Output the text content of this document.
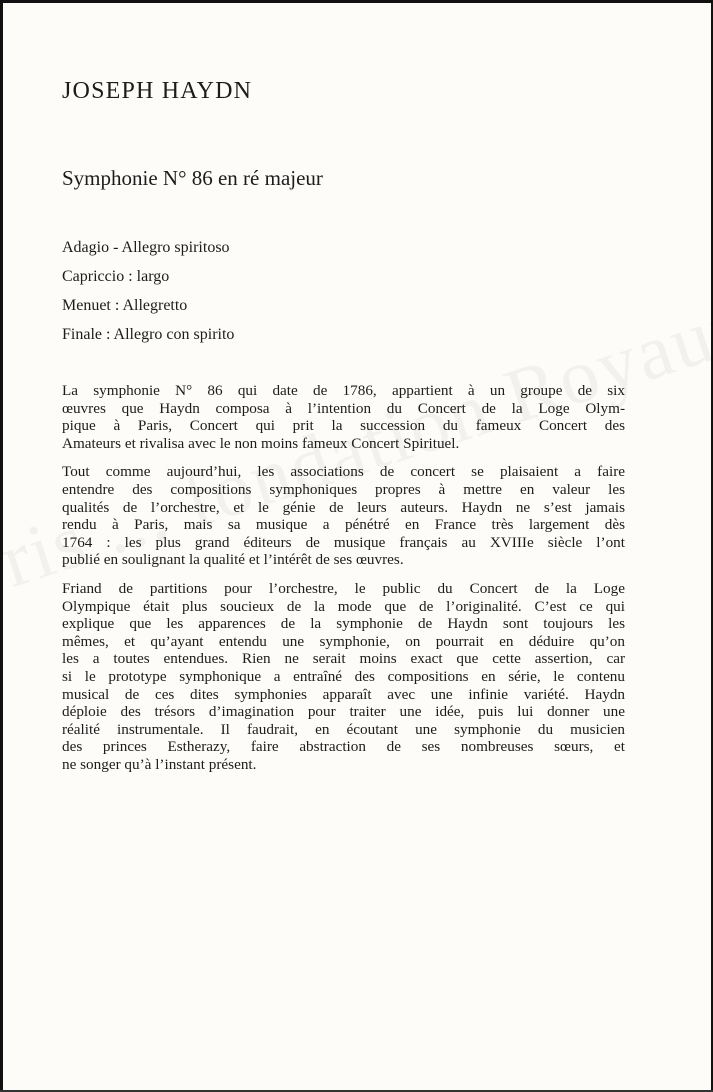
JOSEPH HAYDN
Symphonie N° 86 en ré majeur
Adagio - Allegro spiritoso
Capriccio : largo
Menuet : Allegretto
Finale : Allegro con spirito

La symphonie N° 86 qui date de 1786, appartient à un groupe de six
œuvres que Haydn composa à l’intention du Concert de la Loge Olym-
pique à Paris, Concert qui prit la succession du fameux Concert des
Amateurs et rivalisa avec le non moins fameux Concert Spirituel.

Tout comme aujourd’hui, les associations de concert se plaisaient a faire
entendre des compositions symphoniques propres à mettre en valeur les
qualités de l’orchestre, et le génie de leurs auteurs. Haydn ne s’est jamais
rendu à Paris, mais sa musique a pénétré en France très largement dès
1764 : les plus grand éditeurs de musique français au XVIIIe siècle l’ont
publié en soulignant la qualité et l’intérêt de ses œuvres.

Friand de partitions pour l’orchestre, le public du Concert de la Loge
Olympique était plus soucieux de la mode que de l’originalité. C’est ce qui
explique que les apparences de la symphonie de Haydn sont toujours les
mêmes, et qu’ayant entendu une symphonie, on pourrait en déduire qu’on
les a toutes entendues. Rien ne serait moins exact que cette assertion, car
si le prototype symphonique a entraîné des compositions en série, le contenu
musical de ces dites symphonies apparaît avec une infinie variété. Haydn
déploie des trésors d’imagination pour traiter une idée, puis lui donner une
réalité instrumentale. Il faudrait, en écoutant une symphonie du musicien
des princes Estherazy, faire abstraction de ses nombreuses sœurs, et
ne songer qu’à l’instant présent.
